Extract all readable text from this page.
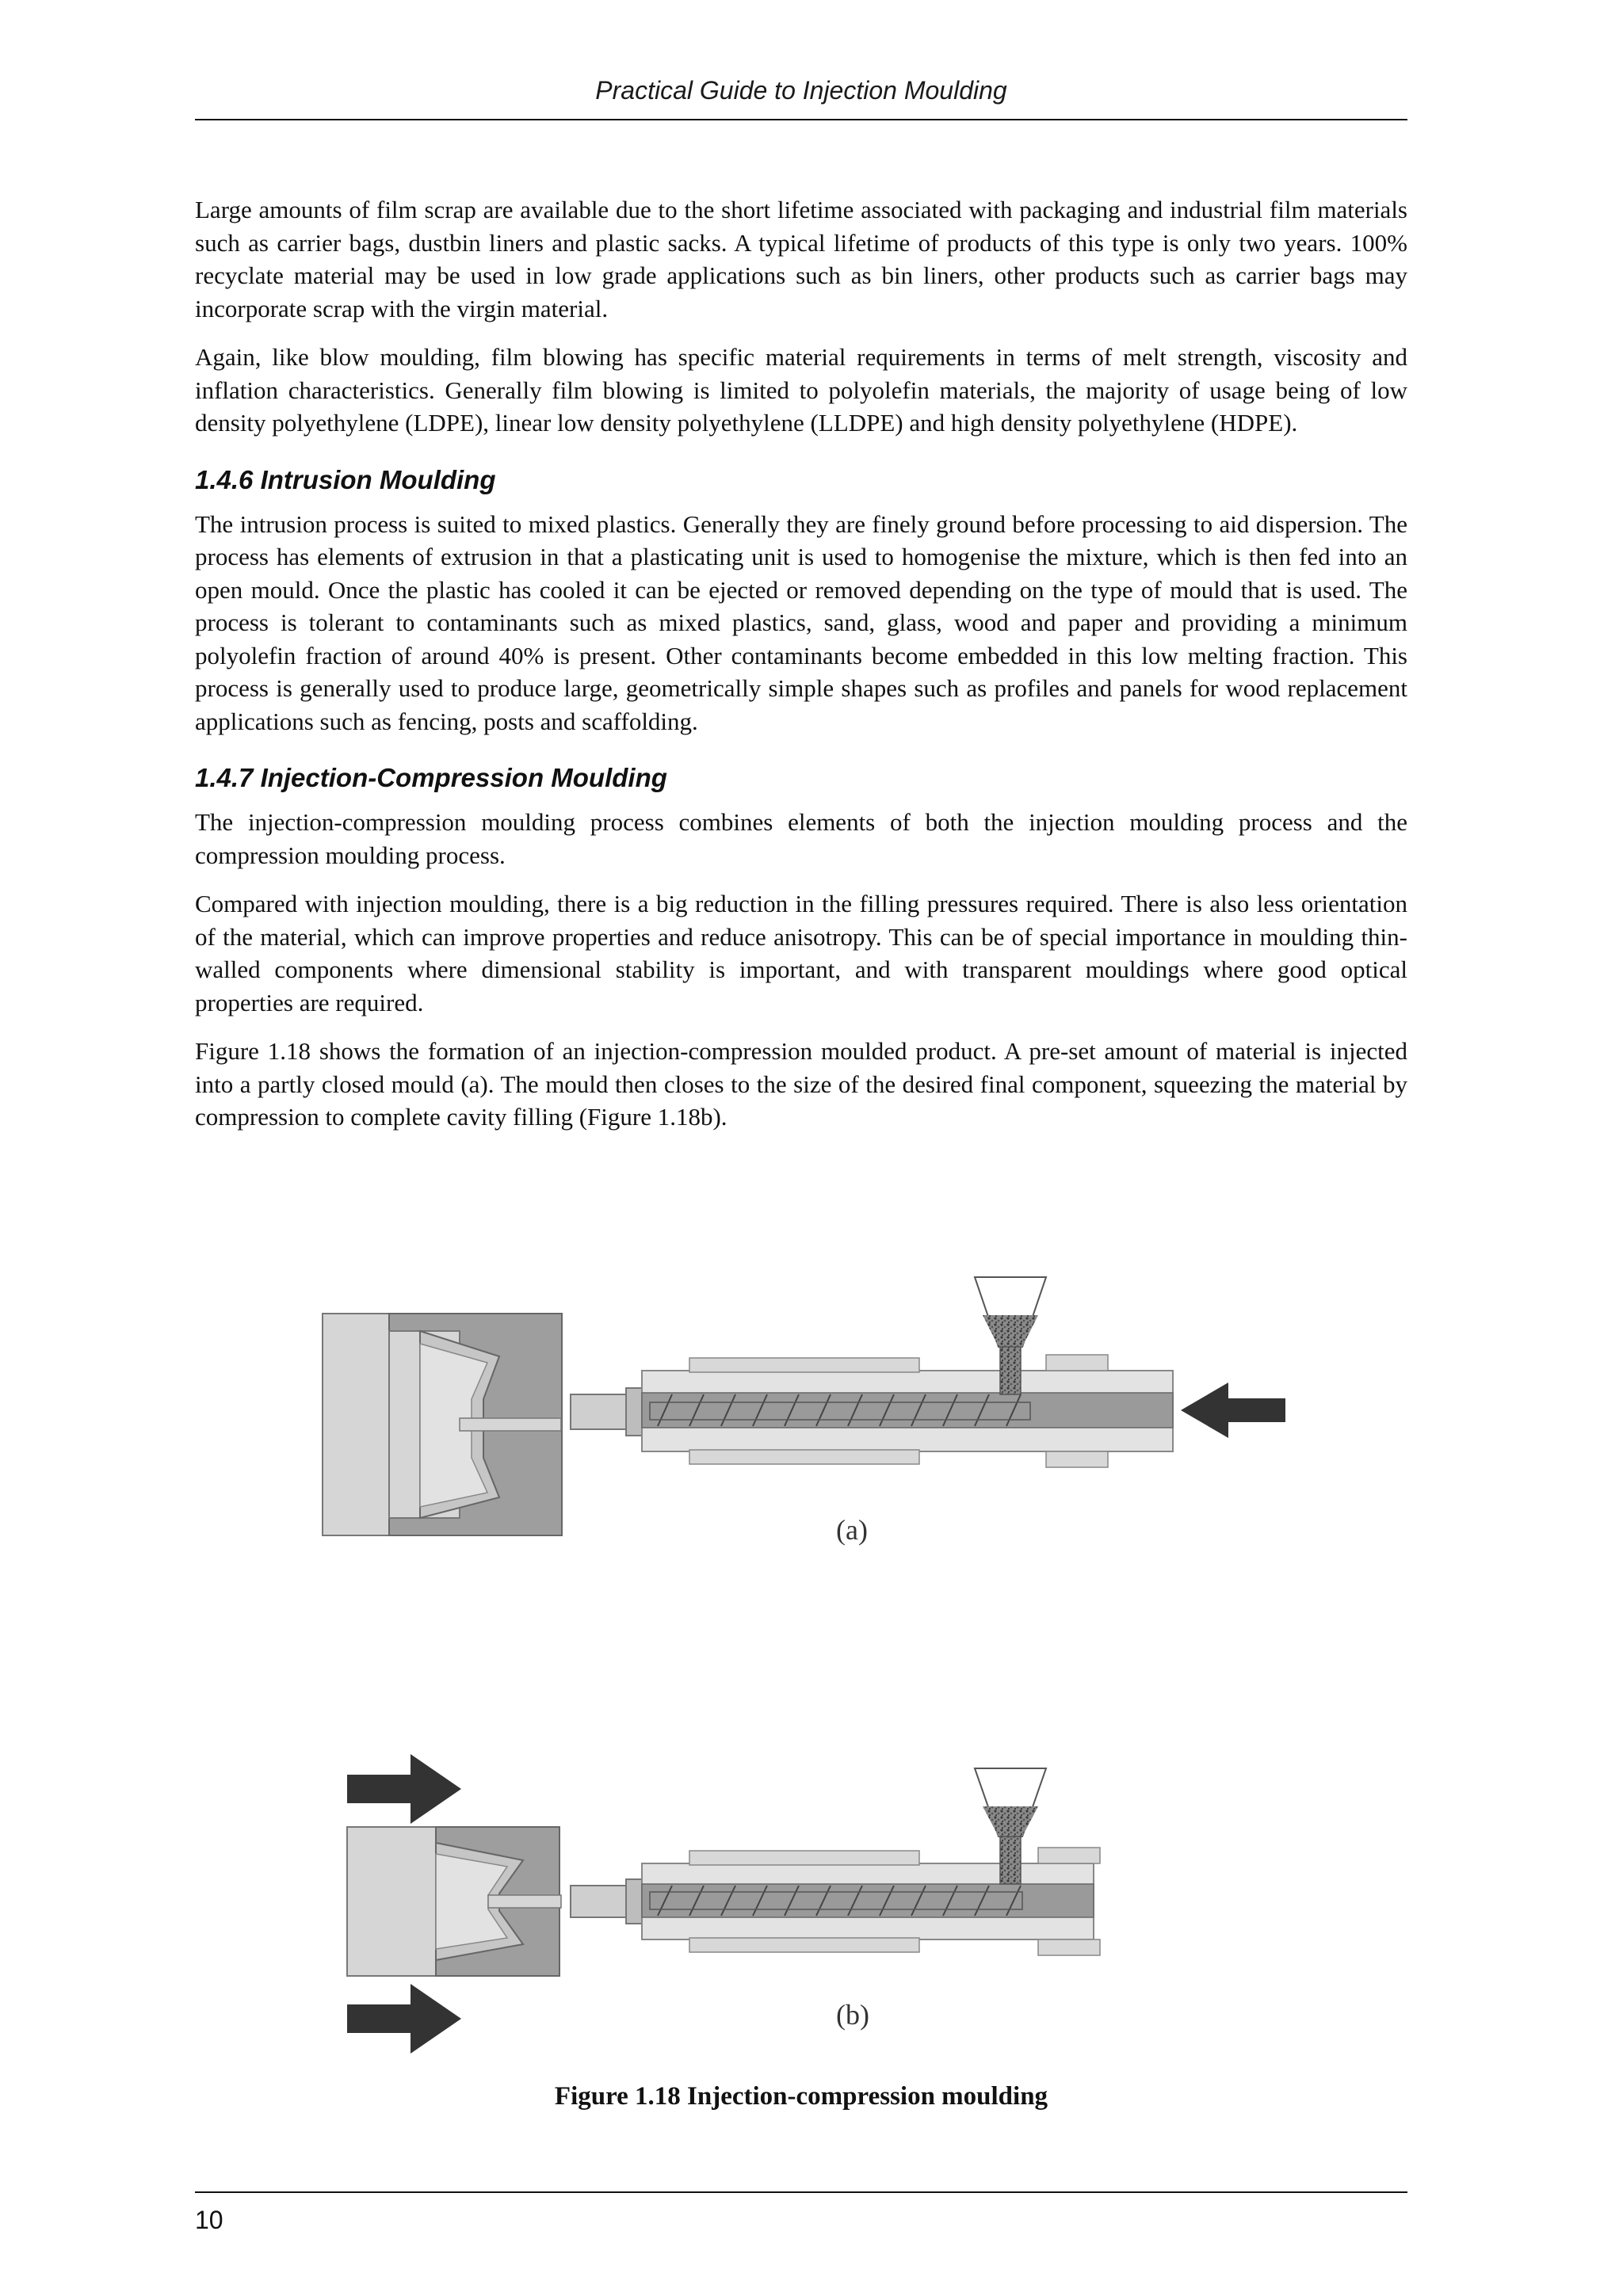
Practical Guide to Injection Moulding

Large amounts of film scrap are available due to the short lifetime associated with packaging and industrial film materials such as carrier bags, dustbin liners and plastic sacks. A typical lifetime of products of this type is only two years. 100% recyclate material may be used in low grade applications such as bin liners, other products such as carrier bags may incorporate scrap with the virgin material.

Again, like blow moulding, film blowing has specific material requirements in terms of melt strength, viscosity and inflation characteristics. Generally film blowing is limited to polyolefin materials, the majority of usage being of low density polyethylene (LDPE), linear low density polyethylene (LLDPE) and high density polyethylene (HDPE).

1.4.6 Intrusion Moulding

The intrusion process is suited to mixed plastics. Generally they are finely ground before processing to aid dispersion. The process has elements of extrusion in that a plasticating unit is used to homogenise the mixture, which is then fed into an open mould. Once the plastic has cooled it can be ejected or removed depending on the type of mould that is used. The process is tolerant to contaminants such as mixed plastics, sand, glass, wood and paper and providing a minimum polyolefin fraction of around 40% is present. Other contaminants become embedded in this low melting fraction. This process is generally used to produce large, geometrically simple shapes such as profiles and panels for wood replacement applications such as fencing, posts and scaffolding.

1.4.7 Injection-Compression Moulding

The injection-compression moulding process combines elements of both the injection moulding process and the compression moulding process.

Compared with injection moulding, there is a big reduction in the filling pressures required. There is also less orientation of the material, which can improve properties and reduce anisotropy. This can be of special importance in moulding thin-walled components where dimensional stability is important, and with transparent mouldings where good optical properties are required.

Figure 1.18 shows the formation of an injection-compression moulded product. A pre-set amount of material is injected into a partly closed mould (a). The mould then closes to the size of the desired final component, squeezing the material by compression to complete cavity filling (Figure 1.18b).

(a)
(b)
Figure 1.18 Injection-compression moulding
10
